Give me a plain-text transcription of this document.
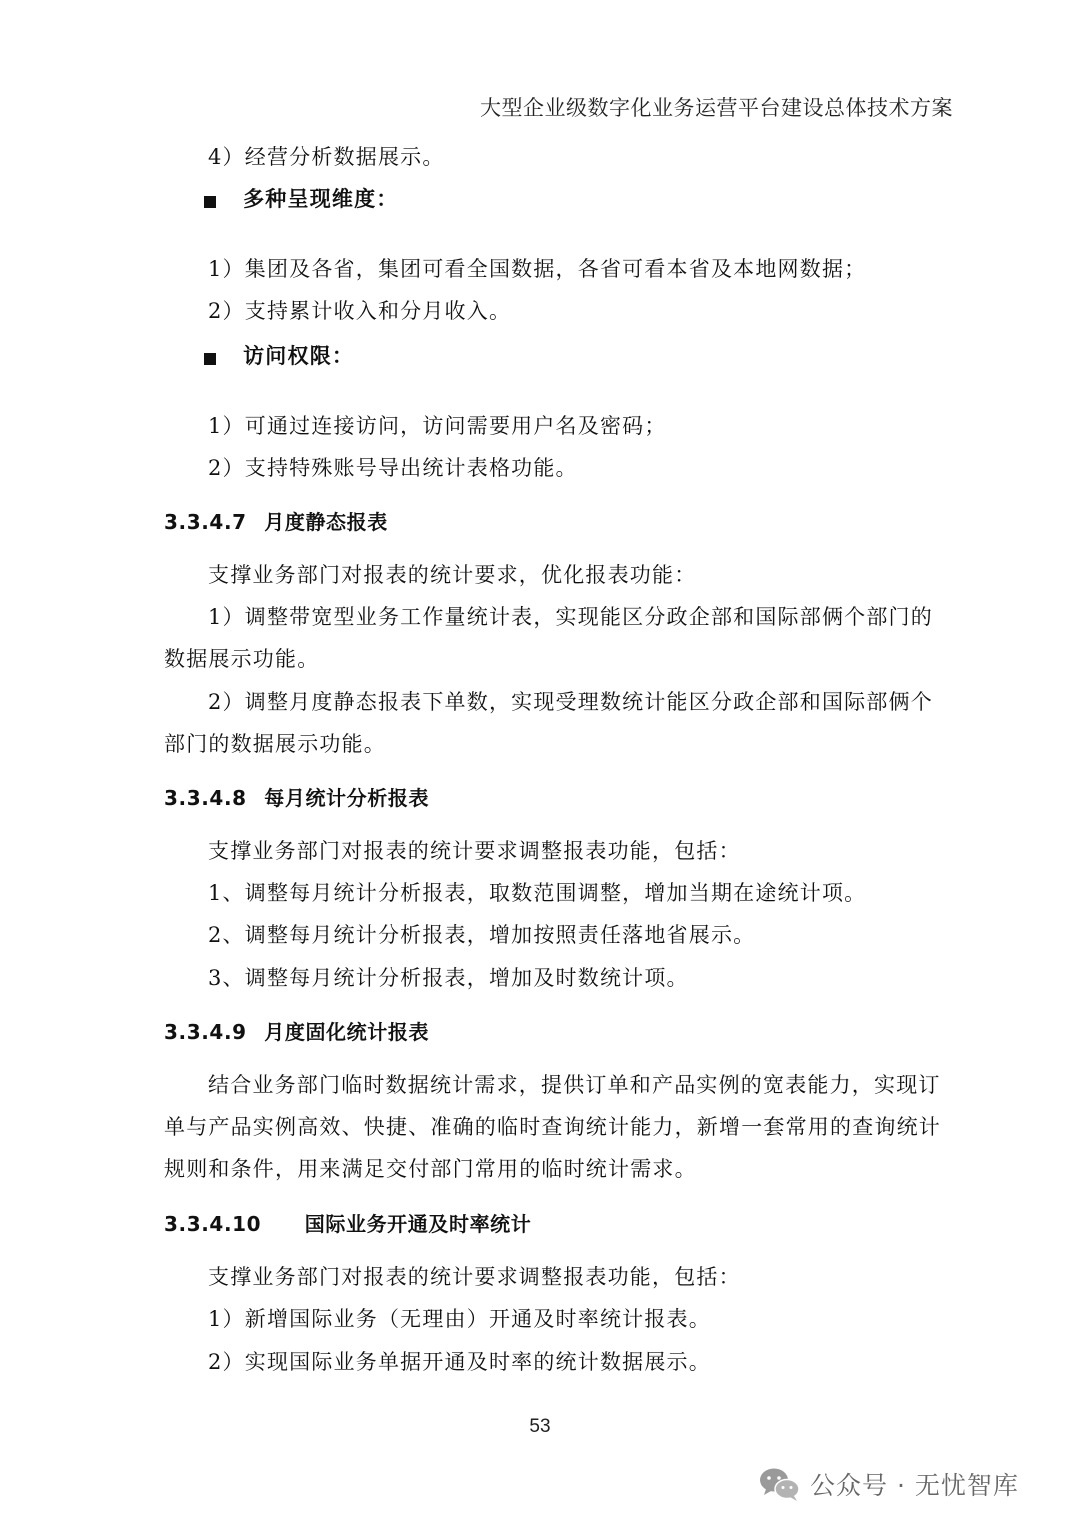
大型企业级数字化业务运营平台建设总体技术方案
4）经营分析数据展示。
多种呈现维度：
1）集团及各省，集团可看全国数据，各省可看本省及本地网数据；
2）支持累计收入和分月收入。
访问权限：
1）可通过连接访问，访问需要用户名及密码；
2）支持特殊账号导出统计表格功能。
3.3.4.7 月度静态报表
支撑业务部门对报表的统计要求，优化报表功能：
1）调整带宽型业务工作量统计表，实现能区分政企部和国际部俩个部门的
数据展示功能。
2）调整月度静态报表下单数，实现受理数统计能区分政企部和国际部俩个
部门的数据展示功能。
3.3.4.8 每月统计分析报表
支撑业务部门对报表的统计要求调整报表功能，包括：
1、调整每月统计分析报表，取数范围调整，增加当期在途统计项。
2、调整每月统计分析报表，增加按照责任落地省展示。
3、调整每月统计分析报表，增加及时数统计项。
3.3.4.9 月度固化统计报表
结合业务部门临时数据统计需求，提供订单和产品实例的宽表能力，实现订
单与产品实例高效、快捷、准确的临时查询统计能力，新增一套常用的查询统计
规则和条件，用来满足交付部门常用的临时统计需求。
3.3.4.10 国际业务开通及时率统计
支撑业务部门对报表的统计要求调整报表功能，包括：
1）新增国际业务（无理由）开通及时率统计报表。
2）实现国际业务单据开通及时率的统计数据展示。
53
公众号 · 无忧智库
